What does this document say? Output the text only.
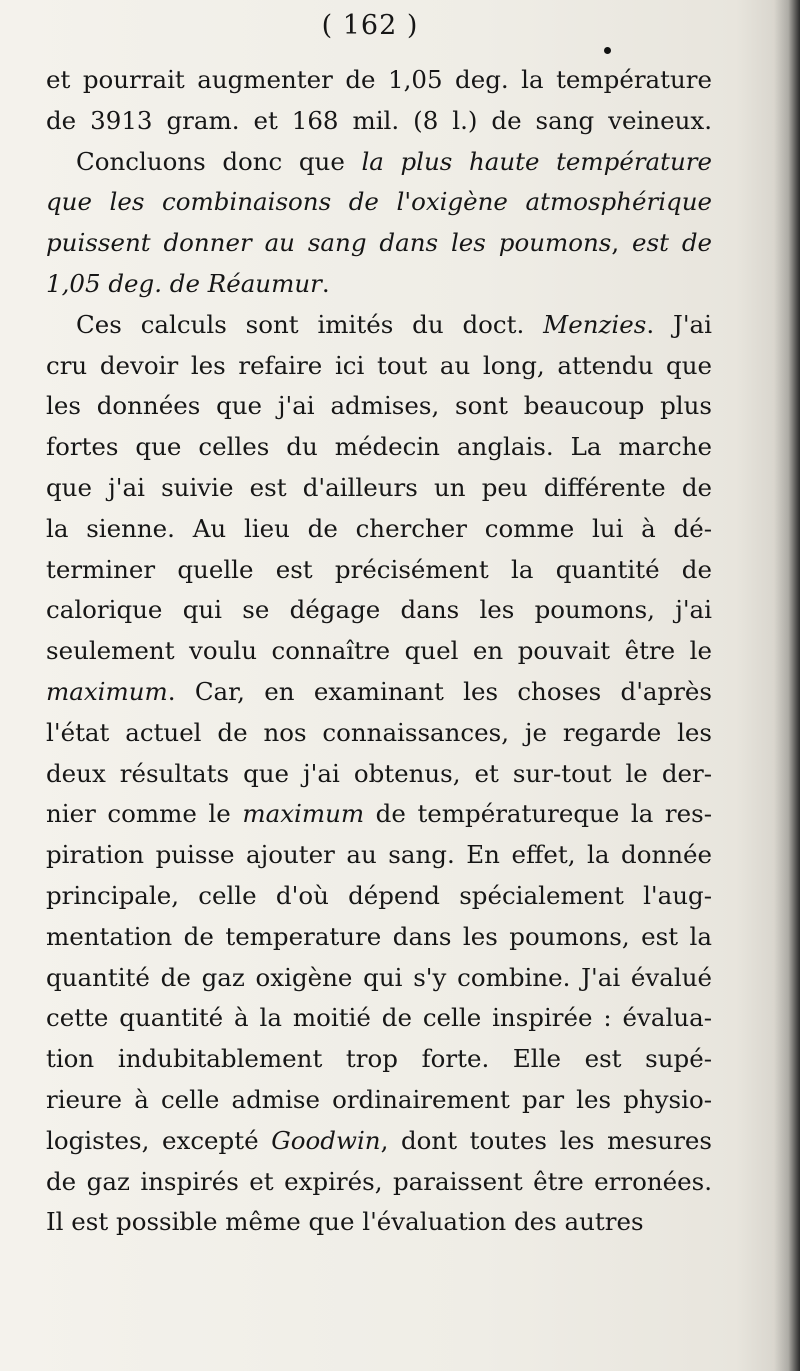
( 162 )
et pourrait augmenter de 1,05 deg. la température
de 3913 gram. et 168 mil. (8 l.) de sang veineux.
Concluons donc que la plus haute température
que les combinaisons de l'oxigène atmosphérique
puissent donner au sang dans les poumons, est de
1,05 deg. de Réaumur.
Ces calculs sont imités du doct. Menzies. J'ai
cru devoir les refaire ici tout au long, attendu que
les données que j'ai admises, sont beaucoup plus
fortes que celles du médecin anglais. La marche
que j'ai suivie est d'ailleurs un peu différente de
la sienne. Au lieu de chercher comme lui à dé-
terminer quelle est précisément la quantité de
calorique qui se dégage dans les poumons, j'ai
seulement voulu connaître quel en pouvait être le
maximum. Car, en examinant les choses d'après
l'état actuel de nos connaissances, je regarde les
deux résultats que j'ai obtenus, et sur-tout le der-
nier comme le maximum de températureque la res-
piration puisse ajouter au sang. En effet, la donnée
principale, celle d'où dépend spécialement l'aug-
mentation de temperature dans les poumons, est la
quantité de gaz oxigène qui s'y combine. J'ai évalué
cette quantité à la moitié de celle inspirée : évalua-
tion indubitablement trop forte. Elle est supé-
rieure à celle admise ordinairement par les physio-
logistes, excepté Goodwin, dont toutes les mesures
de gaz inspirés et expirés, paraissent être erronées.
Il est possible même que l'évaluation des autres
